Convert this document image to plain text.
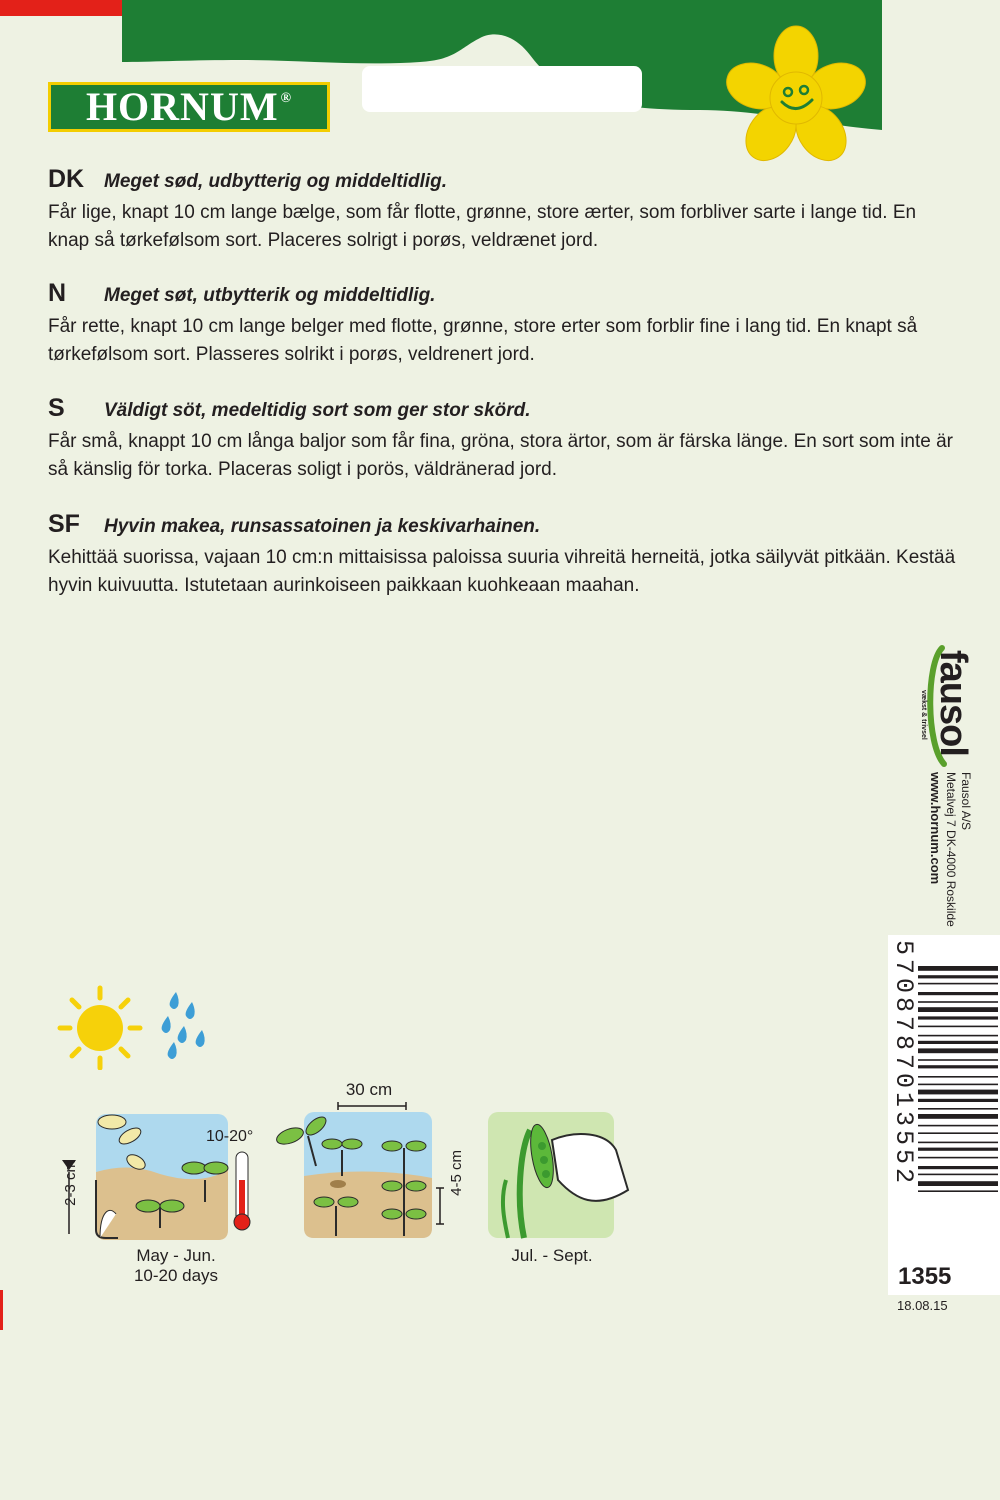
HORNUM ®
DK Meget sød, udbytterig og middeltidlig.
Får lige, knapt 10 cm lange bælge, som får flotte, grønne, store ærter, som forbliver sarte i lange tid. En
knap så tørkefølsom sort. Placeres solrigt i porøs, veldrænet jord.
N Meget søt, utbytterik og middeltidlig.
Får rette, knapt 10 cm lange belger med flotte, grønne, store erter som forblir fine i lang tid. En knapt så
tørkefølsom sort. Plasseres solrikt i porøs, veldrenert jord.
S Väldigt söt, medeltidig sort som ger stor skörd.
Får små, knappt 10 cm långa baljor som får fina, gröna, stora ärtor, som är färska länge. En sort som inte är
så känslig för torka. Placeras soligt i porös, väldränerad jord.
SF Hyvin makea, runsassatoinen ja keskivarhainen.
Kehittää suorissa, vajaan 10 cm:n mittaisissa paloissa suuria vihreitä herneitä, jotka säilyvät pitkään. Kestää
hyvin kuivuutta. Istutetaan aurinkoiseen paikkaan kuohkeaan maahan.
fausol
vækst & trivsel
Fausol A/S
Metalvej 7 DK-4000 Roskilde
www.hornum.com
5708787013552
1355
18.08.15
2-3 cm
10-20°
May - Jun.
10-20 days
30 cm
4-5 cm
Jul. - Sept.
